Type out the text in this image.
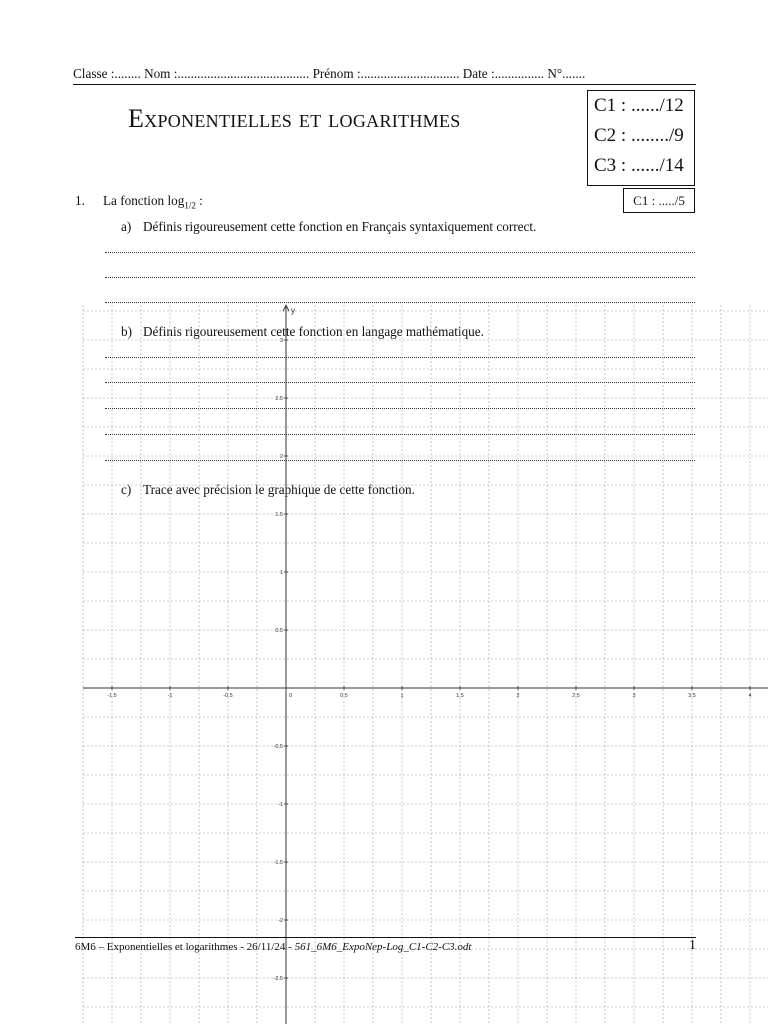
Classe :........ Nom :........................................ Prénom :.............................. Date :............... N°.......
Exponentielles et logarithmes	C1 : ....../12
C2 : ......../9
C3 : ....../14
1. La fonction $\log_{1/2}$ :	C1 : ...../5
a) Définis rigoureusement cette fonction en Français syntaxiquement correct.
b) Définis rigoureusement cette fonction en langage mathématique.
c) Trace avec précision le graphique de cette fonction.
y
-1.5	-1	-0.5	0.5	1	1.5	2	2.5	3	3.5	4
3
2.5
2
1.5
1
0.5
-0.5
-1
-1.5
-2
-2.5
0
6M6 – Exponentielles et logarithmes - 26/11/24 - 561_6M6_ExpoNep-Log_C1-C2-C3.odt	1
